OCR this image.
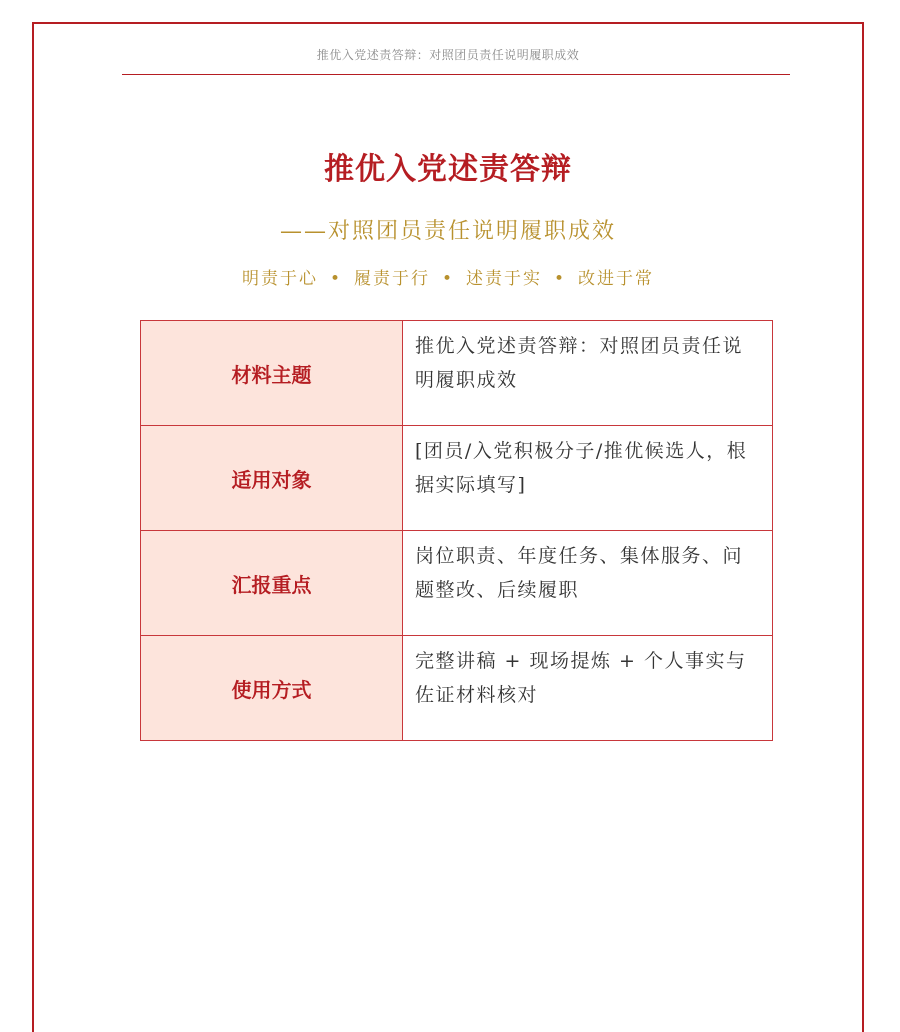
推优入党述责答辩：对照团员责任说明履职成效
推优入党述责答辩
——对照团员责任说明履职成效
明责于心 • 履责于行 • 述责于实 • 改进于常
材料主题	推优入党述责答辩：对照团员责任说明履职成效
适用对象	[团员/入党积极分子/推优候选人，根据实际填写]
汇报重点	岗位职责、年度任务、集体服务、问题整改、后续履职
使用方式	完整讲稿 + 现场提炼 + 个人事实与佐证材料核对
